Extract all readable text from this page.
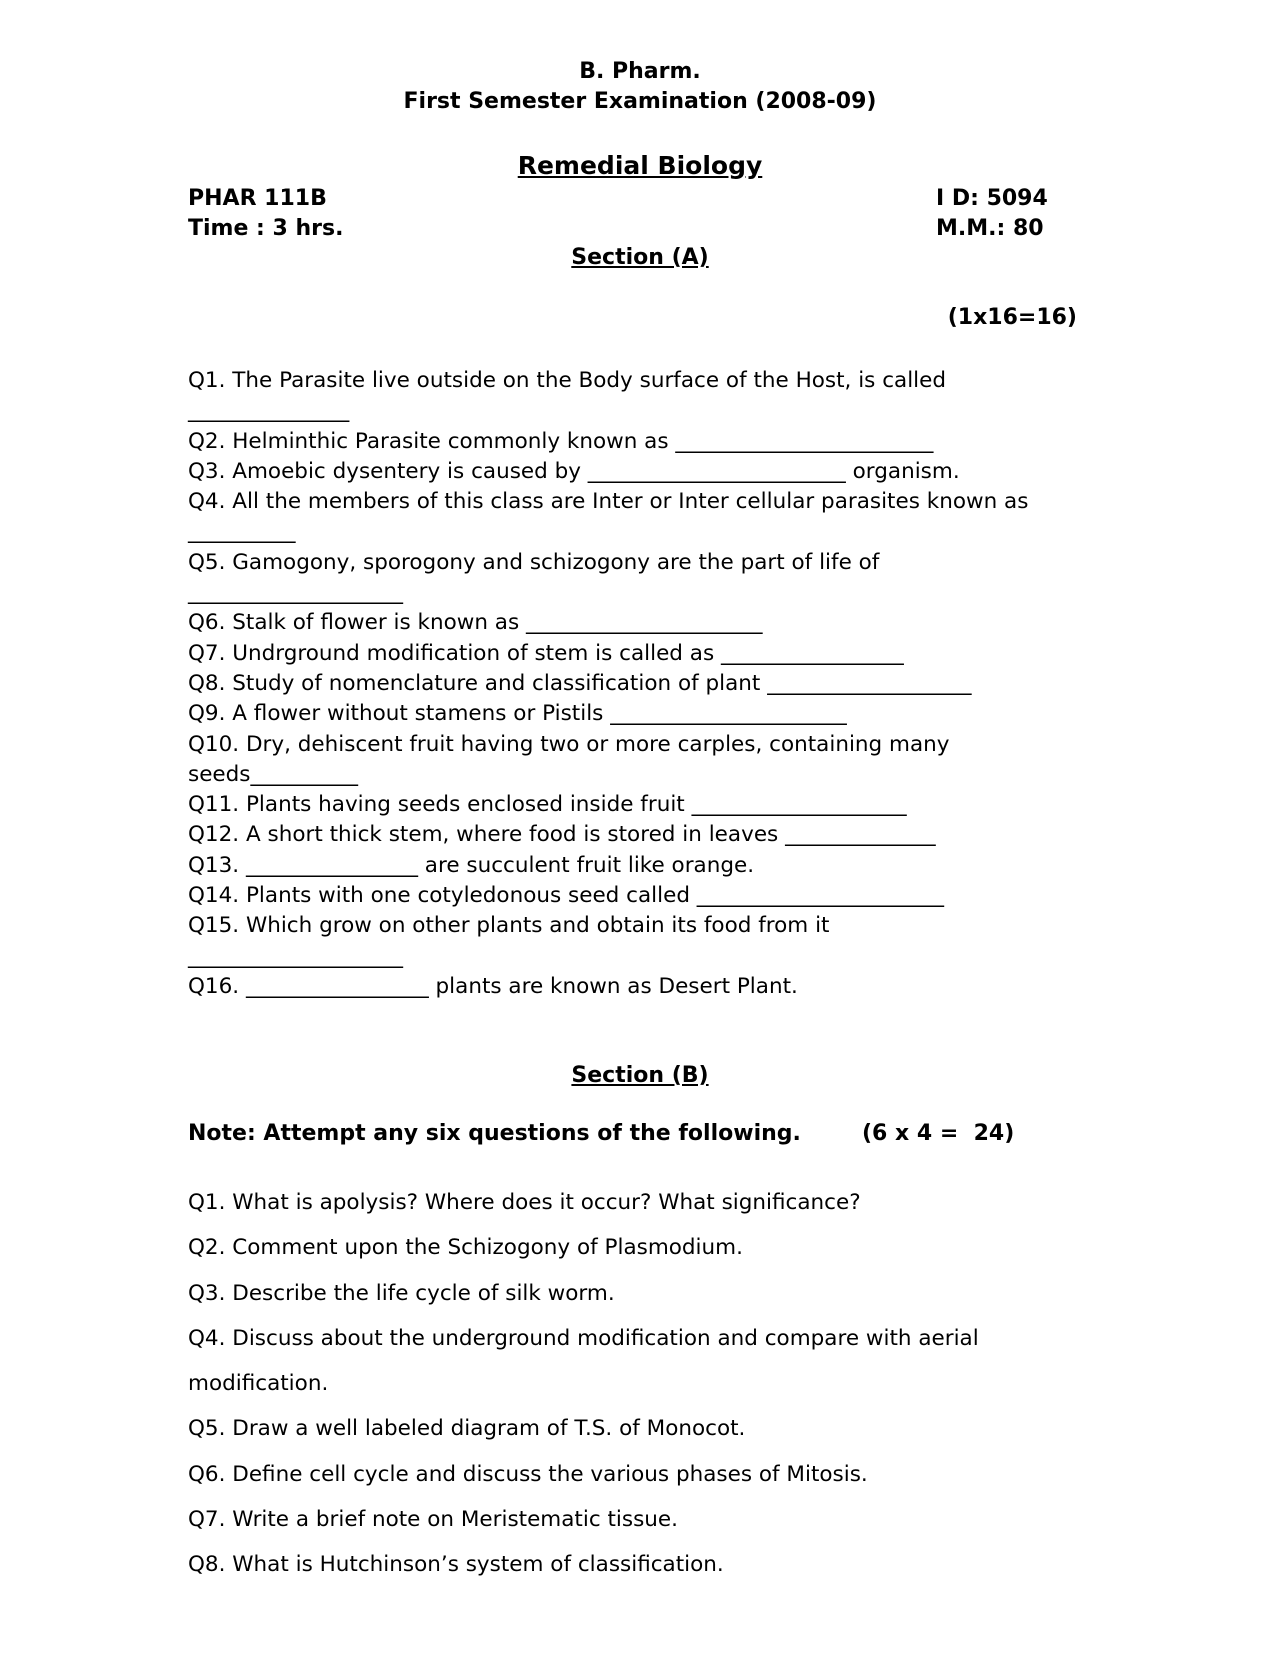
B. Pharm.
First Semester Examination (2008-09)
Remedial Biology
PHAR 111B
Time : 3 hrs.
I D: 5094
M.M.: 80
Section (A)
(1x16=16)
Q1. The Parasite live outside on the Body surface of the Host, is called
_______________
Q2. Helminthic Parasite commonly known as ________________________
Q3. Amoebic dysentery is caused by ________________________ organism.
Q4. All the members of this class are Inter or Inter cellular parasites known as
__________
Q5. Gamogony, sporogony and schizogony are the part of life of
____________________
Q6. Stalk of flower is known as ______________________
Q7. Undrground modification of stem is called as _________________
Q8. Study of nomenclature and classification of plant ___________________
Q9. A flower without stamens or Pistils ______________________
Q10. Dry, dehiscent fruit having two or more carples, containing many
seeds__________
Q11. Plants having seeds enclosed inside fruit ____________________
Q12. A short thick stem, where food is stored in leaves ______________
Q13. ________________ are succulent fruit like orange.
Q14. Plants with one cotyledonous seed called _______________________
Q15. Which grow on other plants and obtain its food from it
____________________
Q16. _________________ plants are known as Desert Plant.
Section (B)
Note: Attempt any six questions of the following.	(6 x 4 =  24)
Q1. What is apolysis? Where does it occur? What significance?
Q2. Comment upon the Schizogony of Plasmodium.
Q3. Describe the life cycle of silk worm.
Q4. Discuss about the underground modification and compare with aerial
modification.
Q5. Draw a well labeled diagram of T.S. of Monocot.
Q6. Define cell cycle and discuss the various phases of Mitosis.
Q7. Write a brief note on Meristematic tissue.
Q8. What is Hutchinson’s system of classification.
